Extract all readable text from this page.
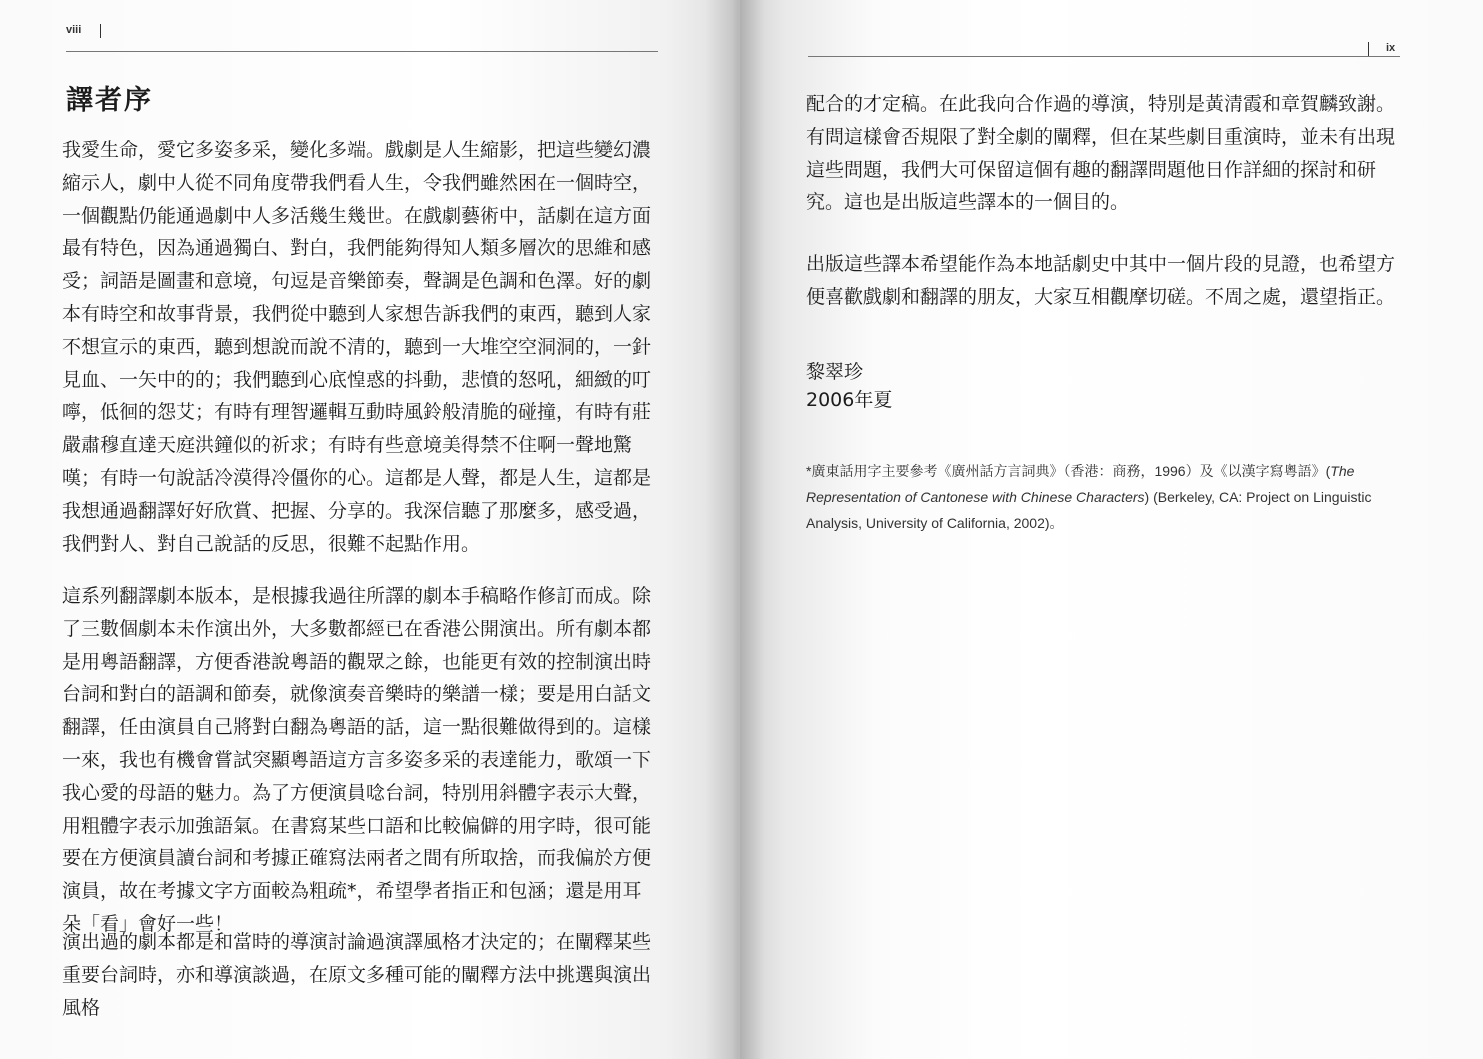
viii
ix
譯者序

我愛生命，愛它多姿多采，變化多端。戲劇是人生縮影，把這些變幻濃縮示人，劇中人從不同角度帶我們看人生，令我們雖然困在一個時空，一個觀點仍能通過劇中人多活幾生幾世。在戲劇藝術中，話劇在這方面最有特色，因為通過獨白、對白，我們能夠得知人類多層次的思維和感受；詞語是圖畫和意境，句逗是音樂節奏，聲調是色調和色澤。好的劇本有時空和故事背景，我們從中聽到人家想告訴我們的東西，聽到人家不想宣示的東西，聽到想說而說不清的，聽到一大堆空空洞洞的，一針見血、一矢中的的；我們聽到心底惶惑的抖動，悲憤的怒吼，細緻的叮嚀，低徊的怨艾；有時有理智邏輯互動時風鈴般清脆的碰撞，有時有莊嚴肅穆直達天庭洪鐘似的祈求；有時有些意境美得禁不住啊一聲地驚嘆；有時一句說話冷漠得冷僵你的心。這都是人聲，都是人生，這都是我想通過翻譯好好欣賞、把握、分享的。我深信聽了那麼多，感受過，我們對人、對自己說話的反思，很難不起點作用。

這系列翻譯劇本版本，是根據我過往所譯的劇本手稿略作修訂而成。除了三數個劇本未作演出外，大多數都經已在香港公開演出。所有劇本都是用粵語翻譯，方便香港說粵語的觀眾之餘，也能更有效的控制演出時台詞和對白的語調和節奏，就像演奏音樂時的樂譜一樣；要是用白話文翻譯，任由演員自己將對白翻為粵語的話，這一點很難做得到的。這樣一來，我也有機會嘗試突顯粵語這方言多姿多采的表達能力，歌頌一下我心愛的母語的魅力。為了方便演員唸台詞，特別用斜體字表示大聲，用粗體字表示加強語氣。在書寫某些口語和比較偏僻的用字時，很可能要在方便演員讀台詞和考據正確寫法兩者之間有所取捨，而我偏於方便演員，故在考據文字方面較為粗疏*，希望學者指正和包涵；還是用耳朵「看」會好一些！

演出過的劇本都是和當時的導演討論過演譯風格才決定的；在闡釋某些重要台詞時，亦和導演談過，在原文多種可能的闡釋方法中挑選與演出風格

配合的才定稿。在此我向合作過的導演，特別是黃清霞和章賀麟致謝。有問這樣會否規限了對全劇的闡釋，但在某些劇目重演時，並未有出現這些問題，我們大可保留這個有趣的翻譯問題他日作詳細的探討和研究。這也是出版這些譯本的一個目的。

出版這些譯本希望能作為本地話劇史中其中一個片段的見證，也希望方便喜歡戲劇和翻譯的朋友，大家互相觀摩切磋。不周之處，還望指正。

黎翠珍
2006年夏
*廣東話用字主要參考《廣州話方言詞典》（香港：商務，1996）及《以漢字寫粵語》(The Representation of Cantonese with Chinese Characters) (Berkeley, CA: Project on Linguistic Analysis, University of California, 2002)。
